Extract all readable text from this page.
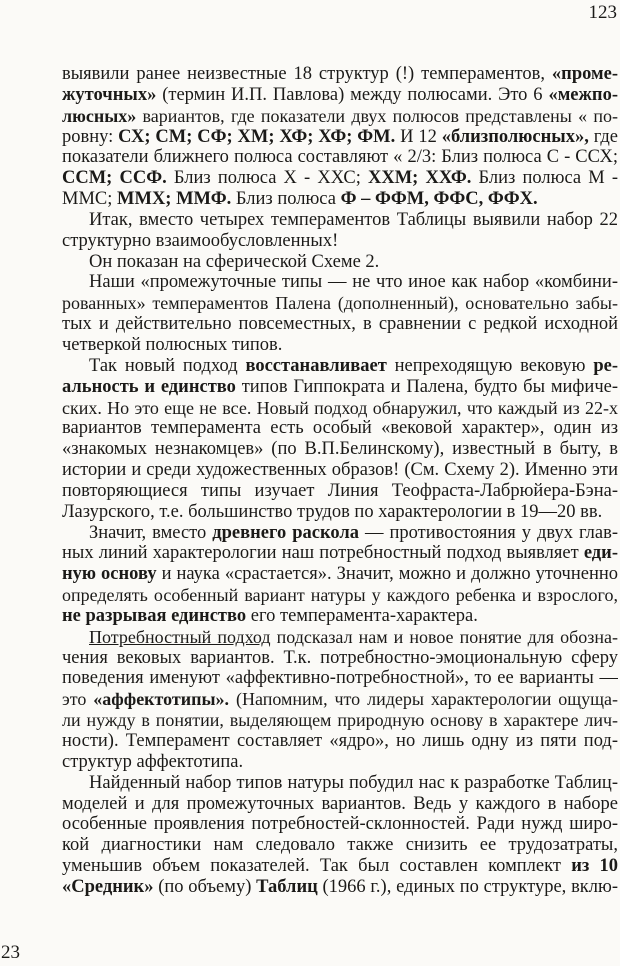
123
выявили ранее неизвестные 18 структур (!) темпераментов, «проме-
жуточных» (термин И.П. Павлова) между полюсами. Это 6 «межпо-
люсных» вариантов, где показатели двух полюсов представлены « по-
ровну: СХ; СМ; СФ; ХМ; ХФ; ХФ; ФМ. И 12 «близполюсных», где
показатели ближнего полюса составляют « 2/3: Близ полюса С - ССХ;
ССМ; ССФ. Близ полюса Х - ХХС; ХХМ; ХХФ. Близ полюса М -
ММС; ММХ; ММФ. Близ полюса Ф – ФФМ, ФФС, ФФХ.
Итак, вместо четырех темпераментов Таблицы выявили набор 22
структурно взаимообусловленных!
Он показан на сферической Схеме 2.
Наши «промежуточные типы — не что иное как набор «комбини-
рованных» темпераментов Палена (дополненный), основательно забы-
тых и действительно повсеместных, в сравнении с редкой исходной
четверкой полюсных типов.
Так новый подход восстанавливает непреходящую вековую ре-
альность и единство типов Гиппократа и Палена, будто бы мифиче-
ских. Но это еще не все. Новый подход обнаружил, что каждый из 22-х
вариантов темперамента есть особый «вековой характер», один из
«знакомых незнакомцев» (по В.П.Белинскому), известный в быту, в
истории и среди художественных образов! (См. Схему 2). Именно эти
повторяющиеся типы изучает Линия Теофраста-Лабрюйера-Бэна-
Лазурского, т.е. большинство трудов по характерологии в 19—20 вв.
Значит, вместо древнего раскола — противостояния у двух глав-
ных линий характерологии наш потребностный подход выявляет еди-
ную основу и наука «срастается». Значит, можно и должно уточненно
определять особенный вариант натуры у каждого ребенка и взрослого,
не разрывая единство его темперамента-характера.
Потребностный подход подсказал нам и новое понятие для обозна-
чения вековых вариантов. Т.к. потребностно-эмоциональную сферу
поведения именуют «аффективно-потребностной», то ее варианты —
это «аффектотипы». (Напомним, что лидеры характерологии ощуща-
ли нужду в понятии, выделяющем природную основу в характере лич-
ности). Темперамент составляет «ядро», но лишь одну из пяти под-
структур аффектотипа.
Найденный набор типов натуры побудил нас к разработке Таблиц-
моделей и для промежуточных вариантов. Ведь у каждого в наборе
особенные проявления потребностей-склонностей. Ради нужд широ-
кой диагностики нам следовало также снизить ее трудозатраты,
уменьшив объем показателей. Так был составлен комплект из 10
«Средник» (по объему) Таблиц (1966 г.), единых по структуре, вклю-
23
